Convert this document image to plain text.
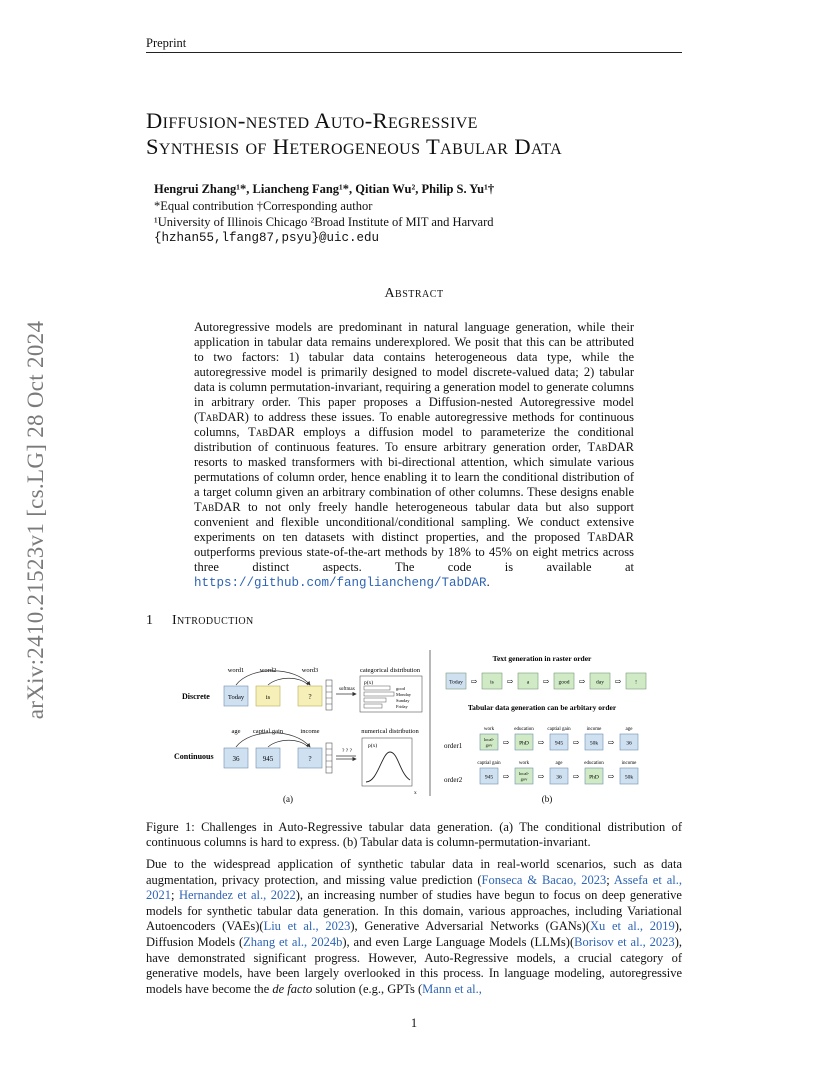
Preprint
arXiv:2410.21523v1 [cs.LG] 28 Oct 2024
Diffusion-nested Auto-Regressive
Synthesis of Heterogeneous Tabular Data
Hengrui Zhang¹*, Liancheng Fang¹*, Qitian Wu², Philip S. Yu¹†
*Equal contribution †Corresponding author
¹University of Illinois Chicago ²Broad Institute of MIT and Harvard
{hzhan55,lfang87,psyu}@uic.edu
Abstract
Autoregressive models are predominant in natural language generation, while their application in tabular data remains underexplored. We posit that this can be attributed to two factors: 1) tabular data contains heterogeneous data type, while the autoregressive model is primarily designed to model discrete-valued data; 2) tabular data is column permutation-invariant, requiring a generation model to generate columns in arbitrary order. This paper proposes a Diffusion-nested Autoregressive model (TabDAR) to address these issues. To enable autoregressive methods for continuous columns, TabDAR employs a diffusion model to parameterize the conditional distribution of continuous features. To ensure arbitrary generation order, TabDAR resorts to masked transformers with bi-directional attention, which simulate various permutations of column order, hence enabling it to learn the conditional distribution of a target column given an arbitrary combination of other columns. These designs enable TabDAR to not only freely handle heterogeneous tabular data but also support convenient and flexible unconditional/conditional sampling. We conduct extensive experiments on ten datasets with distinct properties, and the proposed TabDAR outperforms previous state-of-the-art methods by 18% to 45% on eight metrics across three distinct aspects. The code is available at https://github.com/fangliancheng/TabDAR.
1 Introduction
word1 word2	word3	categorical distribution
Discrete	Today	is	?
softmax
p(x)
good
Monday
Sunday
Friday
age captial gain	income	numerical distribution
Continuous	36	945	?
? ? ?
p(x)
x
(a)
Text generation in raster order
Today ⇨ is ⇨ a ⇨ good ⇨ day ⇨ !
Tabular data generation can be arbitary order
order1
work
local-
gov ⇨
education
PhD ⇨
captial gain
945 ⇨
income
50k ⇨
age
36
order2
captial gain
945 ⇨
work
local-
gov ⇨
age
36 ⇨
education
PhD ⇨
income
50k
(b)
Figure 1: Challenges in Auto-Regressive tabular data generation. (a) The conditional distribution of continuous columns is hard to express. (b) Tabular data is column-permutation-invariant.
Due to the widespread application of synthetic tabular data in real-world scenarios, such as data augmentation, privacy protection, and missing value prediction (Fonseca & Bacao, 2023; Assefa et al., 2021; Hernandez et al., 2022), an increasing number of studies have begun to focus on deep generative models for synthetic tabular data generation. In this domain, various approaches, including Variational Autoencoders (VAEs)(Liu et al., 2023), Generative Adversarial Networks (GANs)(Xu et al., 2019), Diffusion Models (Zhang et al., 2024b), and even Large Language Models (LLMs)(Borisov et al., 2023), have demonstrated significant progress. However, Auto-Regressive models, a crucial category of generative models, have been largely overlooked in this process. In language modeling, autoregressive models have become the de facto solution (e.g., GPTs (Mann et al.,
1
